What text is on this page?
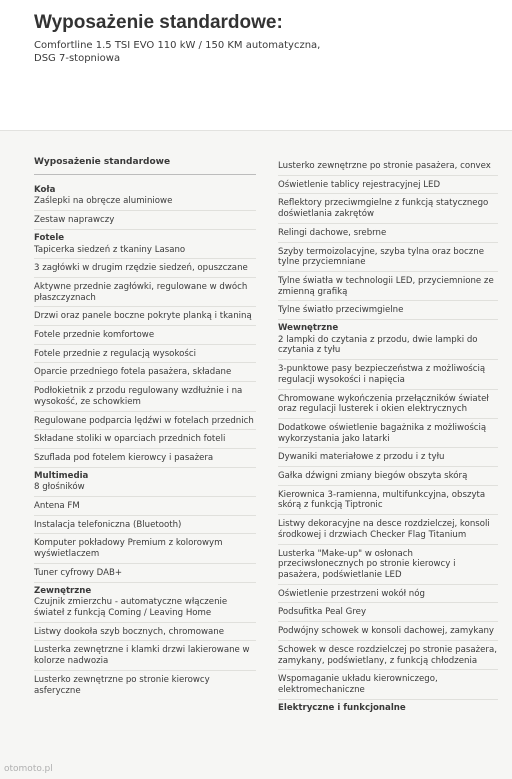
Wyposażenie standardowe:
Comfortline 1.5 TSI EVO 110 kW / 150 KM automatyczna, DSG 7-stopniowa
Wyposażenie standardowe
Koła
Zaślepki na obręcze aluminiowe
Zestaw naprawczy
Fotele
Tapicerka siedzeń z tkaniny Lasano
3 zagłówki w drugim rzędzie siedzeń, opuszczane
Aktywne przednie zagłówki, regulowane w dwóch płaszczyznach
Drzwi oraz panele boczne pokryte planką i tkaniną
Fotele przednie komfortowe
Fotele przednie z regulacją wysokości
Oparcie przedniego fotela pasażera, składane
Podłokietnik z przodu regulowany wzdłużnie i na wysokość, ze schowkiem
Regulowane podparcia lędźwi w fotelach przednich
Składane stoliki w oparciach przednich foteli
Szuflada pod fotelem kierowcy i pasażera
Multimedia
8 głośników
Antena FM
Instalacja telefoniczna (Bluetooth)
Komputer pokładowy Premium z kolorowym wyświetlaczem
Tuner cyfrowy DAB+
Zewnętrzne
Czujnik zmierzchu - automatyczne włączenie świateł z funkcją Coming / Leaving Home
Listwy dookoła szyb bocznych, chromowane
Lusterka zewnętrzne i klamki drzwi lakierowane w kolorze nadwozia
Lusterko zewnętrzne po stronie kierowcy asferyczne
Lusterko zewnętrzne po stronie pasażera, convex
Oświetlenie tablicy rejestracyjnej LED
Reflektory przeciwmgielne z funkcją statycznego doświetlania zakrętów
Relingi dachowe, srebrne
Szyby termoizolacyjne, szyba tylna oraz boczne tylne przyciemniane
Tylne światła w technologii LED, przyciemnione ze zmienną grafiką
Tylne światło przeciwmgielne
Wewnętrzne
2 lampki do czytania z przodu, dwie lampki do czytania z tyłu
3-punktowe pasy bezpieczeństwa z możliwością regulacji wysokości i napięcia
Chromowane wykończenia przełączników świateł oraz regulacji lusterek i okien elektrycznych
Dodatkowe oświetlenie bagażnika z możliwością wykorzystania jako latarki
Dywaniki materiałowe z przodu i z tyłu
Gałka dźwigni zmiany biegów obszyta skórą
Kierownica 3-ramienna, multifunkcyjna, obszyta skórą z funkcją Tiptronic
Listwy dekoracyjne na desce rozdzielczej, konsoli środkowej i drzwiach Checker Flag Titanium
Lusterka "Make-up" w osłonach przeciwsłonecznych po stronie kierowcy i pasażera, podświetlanie LED
Oświetlenie przestrzeni wokół nóg
Podsufitka Peal Grey
Podwójny schowek w konsoli dachowej, zamykany
Schowek w desce rozdzielczej po stronie pasażera, zamykany, podświetlany, z funkcją chłodzenia
Wspomaganie układu kierowniczego, elektromechaniczne
Elektryczne i funkcjonalne
otomoto.pl
